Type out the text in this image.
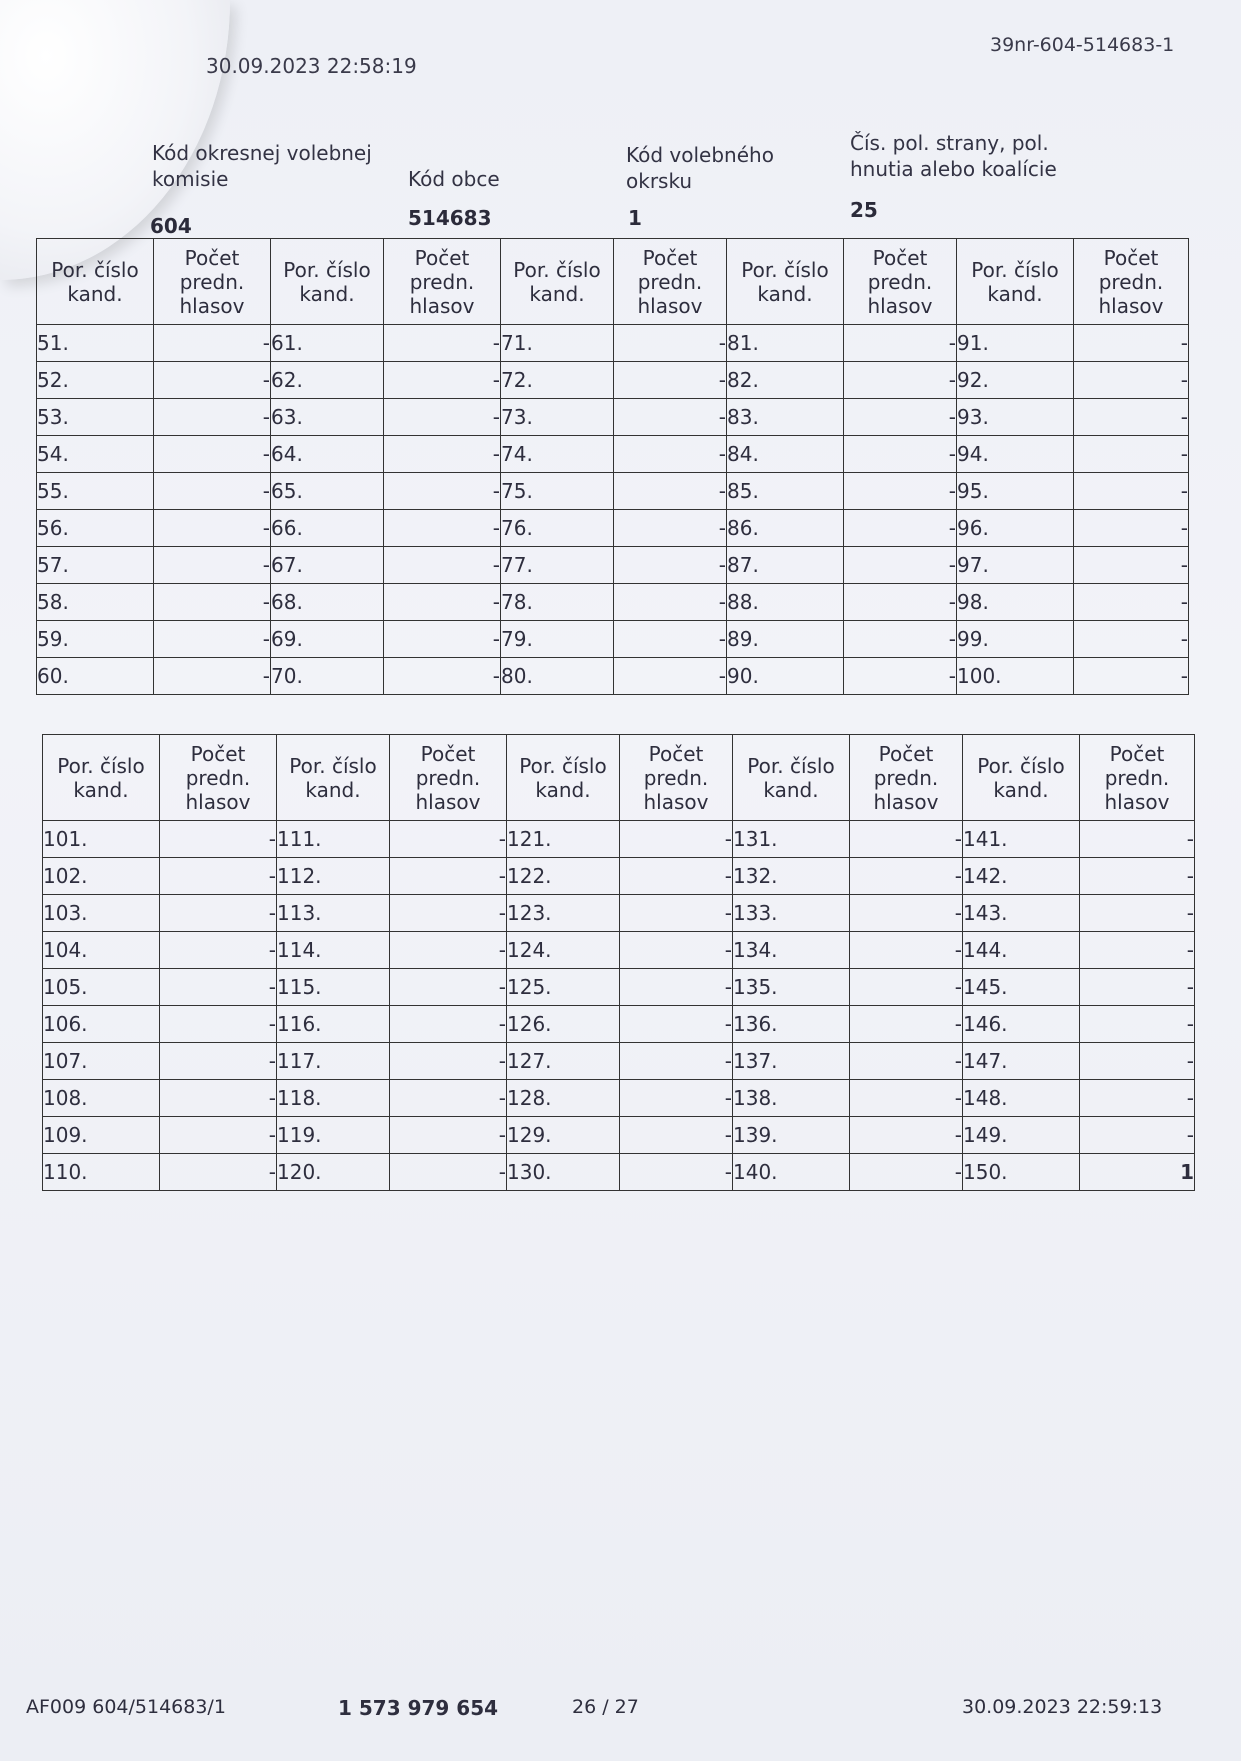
30.09.2023 22:58:19
39nr-604-514683-1
Kód okresnej volebnej komisie
604
Kód obce
514683
Kód volebného okrsku
1
Čís. pol. strany, pol. hnutia alebo koalície
25
Por. číslo kand.	Počet predn. hlasov	Por. číslo kand.	Počet predn. hlasov	Por. číslo kand.	Počet predn. hlasov	Por. číslo kand.	Počet predn. hlasov	Por. číslo kand.	Počet predn. hlasov
51.	-	61.	-	71.	-	81.	-	91.	-
52.	-	62.	-	72.	-	82.	-	92.	-
53.	-	63.	-	73.	-	83.	-	93.	-
54.	-	64.	-	74.	-	84.	-	94.	-
55.	-	65.	-	75.	-	85.	-	95.	-
56.	-	66.	-	76.	-	86.	-	96.	-
57.	-	67.	-	77.	-	87.	-	97.	-
58.	-	68.	-	78.	-	88.	-	98.	-
59.	-	69.	-	79.	-	89.	-	99.	-
60.	-	70.	-	80.	-	90.	-	100.	-
Por. číslo kand.	Počet predn. hlasov	Por. číslo kand.	Počet predn. hlasov	Por. číslo kand.	Počet predn. hlasov	Por. číslo kand.	Počet predn. hlasov	Por. číslo kand.	Počet predn. hlasov
101.	-	111.	-	121.	-	131.	-	141.	-
102.	-	112.	-	122.	-	132.	-	142.	-
103.	-	113.	-	123.	-	133.	-	143.	-
104.	-	114.	-	124.	-	134.	-	144.	-
105.	-	115.	-	125.	-	135.	-	145.	-
106.	-	116.	-	126.	-	136.	-	146.	-
107.	-	117.	-	127.	-	137.	-	147.	-
108.	-	118.	-	128.	-	138.	-	148.	-
109.	-	119.	-	129.	-	139.	-	149.	-
110.	-	120.	-	130.	-	140.	-	150.	1
AF009 604/514683/1	1 573 979 654	26 / 27	30.09.2023 22:59:13
